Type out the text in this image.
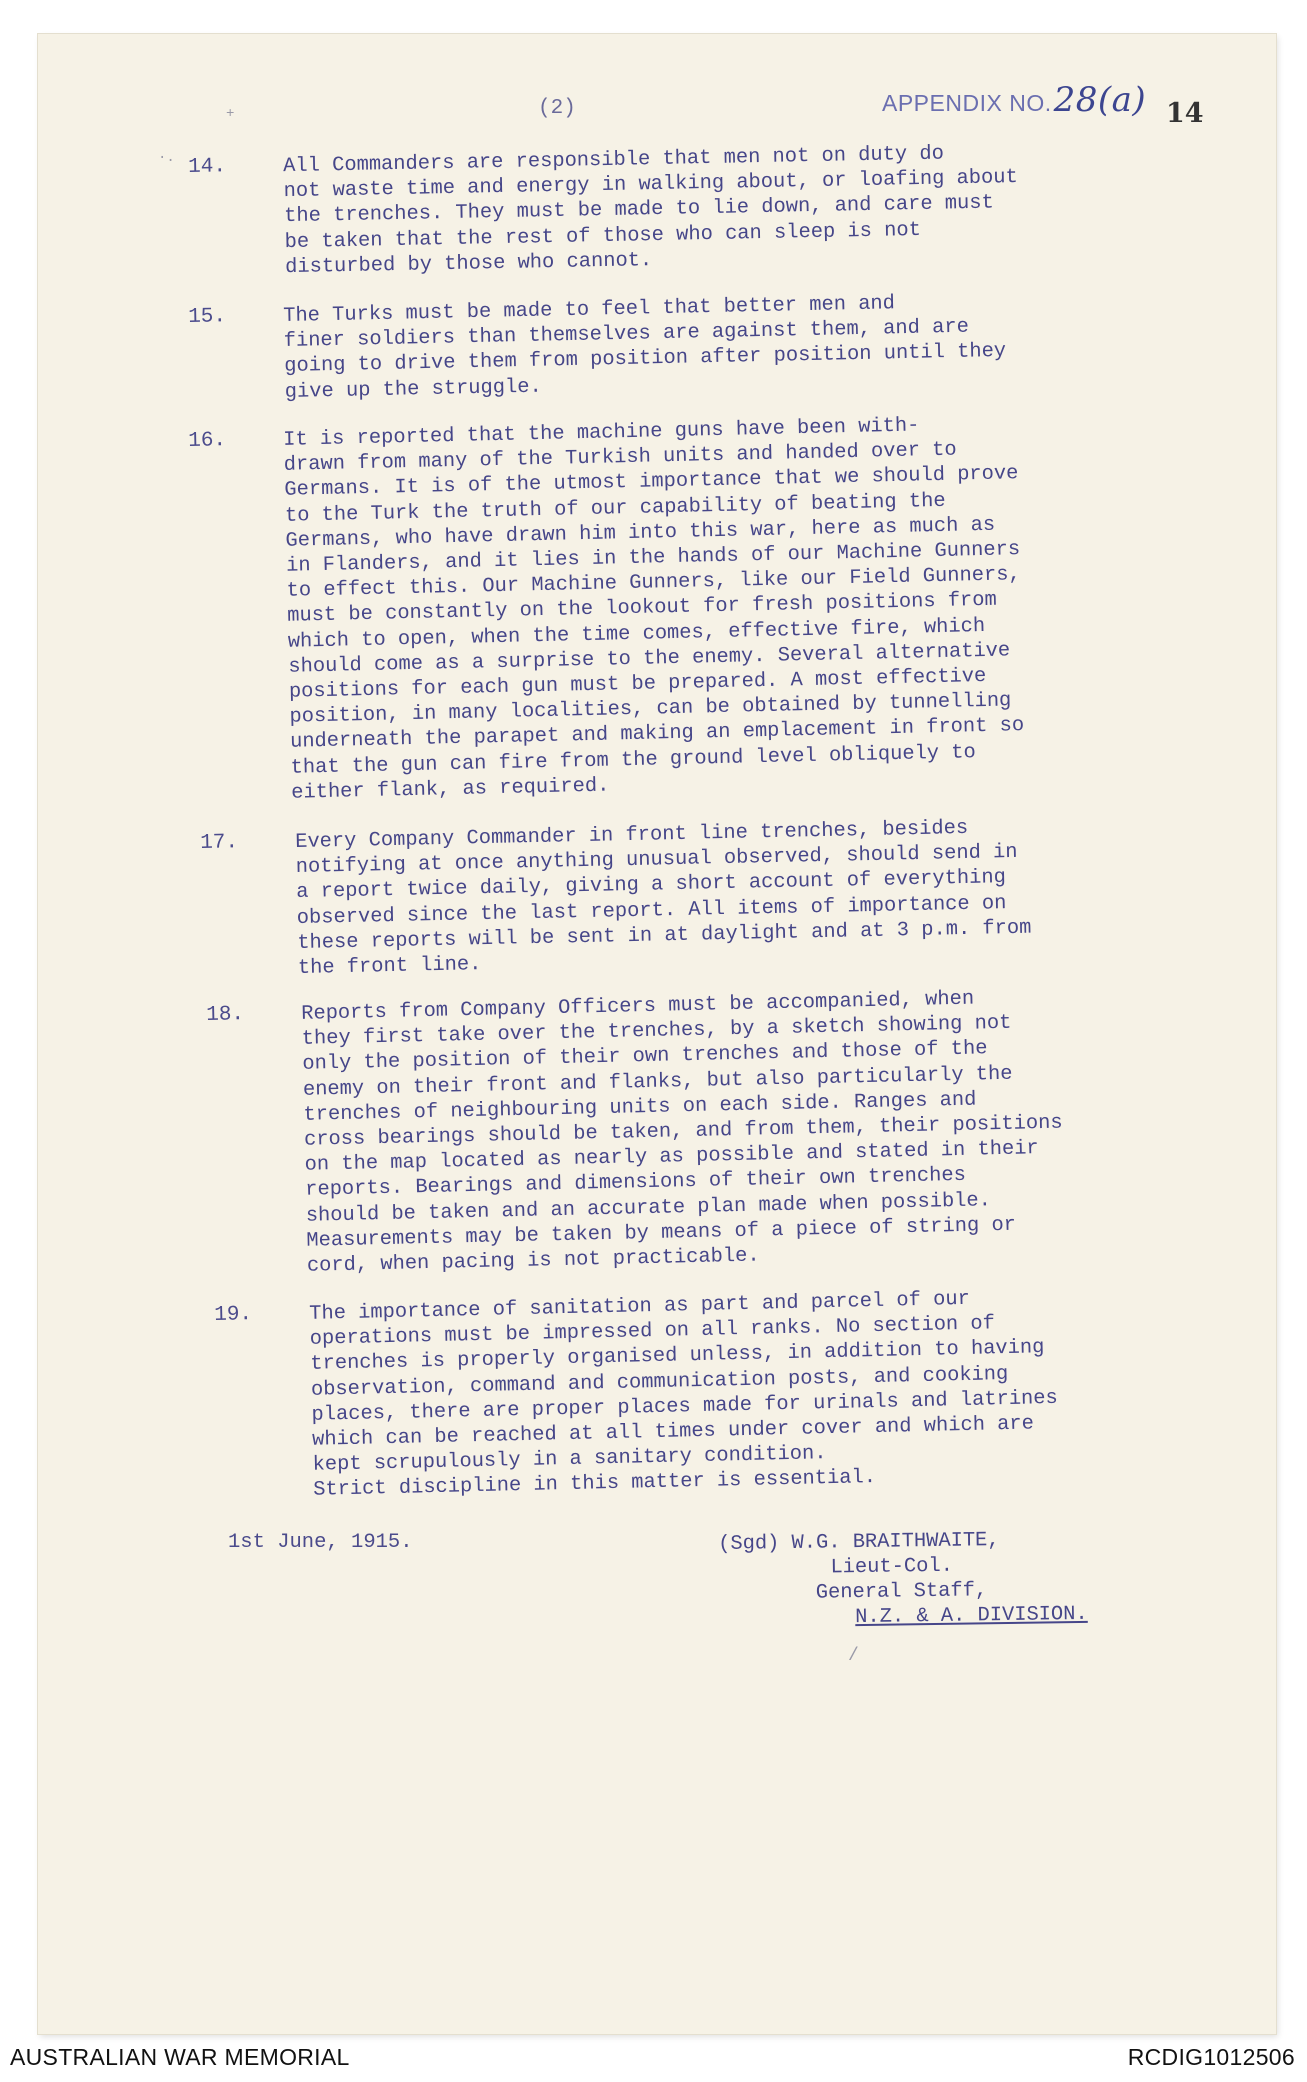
+
·.
(2)	APPENDIX NO.28(a) 14
14.	All Commanders are responsible that men not on duty do
not waste time and energy in walking about, or loafing about
the trenches. They must be made to lie down, and care must
be taken that the rest of those who can sleep is not
disturbed by those who cannot.
15.	The Turks must be made to feel that better men and
finer soldiers than themselves are against them, and are
going to drive them from position after position until they
give up the struggle.
16.	It is reported that the machine guns have been with-
drawn from many of the Turkish units and handed over to
Germans. It is of the utmost importance that we should prove
to the Turk the truth of our capability of beating the
Germans, who have drawn him into this war, here as much as
in Flanders, and it lies in the hands of our Machine Gunners
to effect this. Our Machine Gunners, like our Field Gunners,
must be constantly on the lookout for fresh positions from
which to open, when the time comes, effective fire, which
should come as a surprise to the enemy. Several alternative
positions for each gun must be prepared. A most effective
position, in many localities, can be obtained by tunnelling
underneath the parapet and making an emplacement in front so
that the gun can fire from the ground level obliquely to
either flank, as required.
17.	Every Company Commander in front line trenches, besides
notifying at once anything unusual observed, should send in
a report twice daily, giving a short account of everything
observed since the last report. All items of importance on
these reports will be sent in at daylight and at 3 p.m. from
the front line.
18.	Reports from Company Officers must be accompanied, when
they first take over the trenches, by a sketch showing not
only the position of their own trenches and those of the
enemy on their front and flanks, but also particularly the
trenches of neighbouring units on each side. Ranges and
cross bearings should be taken, and from them, their positions
on the map located as nearly as possible and stated in their
reports. Bearings and dimensions of their own trenches
should be taken and an accurate plan made when possible.
Measurements may be taken by means of a piece of string or
cord, when pacing is not practicable.
19.	The importance of sanitation as part and parcel of our
operations must be impressed on all ranks. No section of
trenches is properly organised unless, in addition to having
observation, command and communication posts, and cooking
places, there are proper places made for urinals and latrines
which can be reached at all times under cover and which are
kept scrupulously in a sanitary condition.
Strict discipline in this matter is essential.
1st June, 1915.	(Sgd) W.G. BRAITHWAITE,
Lieut-Col.
General Staff,
N.Z. & A. DIVISION.
/
AUSTRALIAN WAR MEMORIAL	RCDIG1012506
